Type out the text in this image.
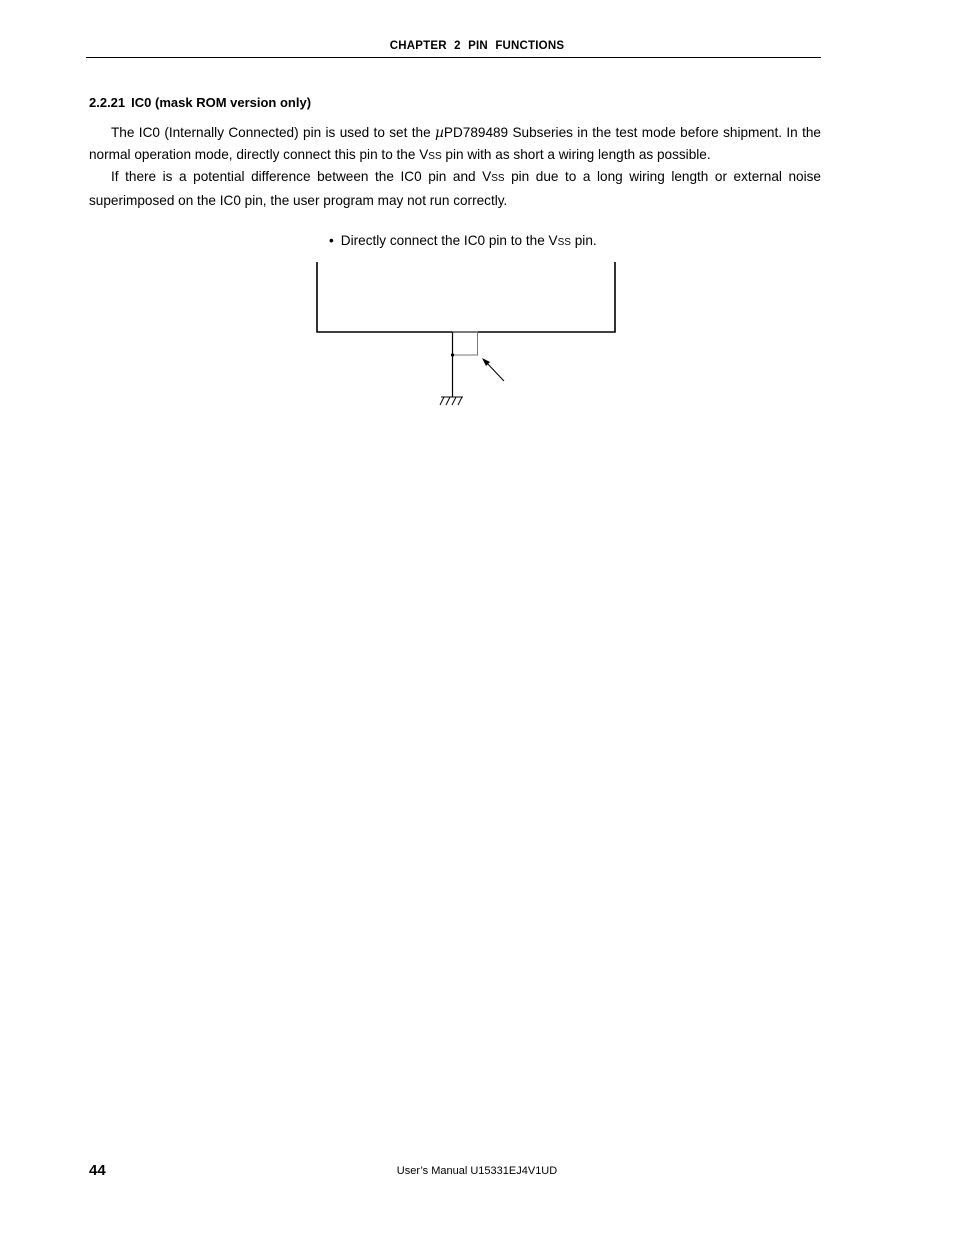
CHAPTER 2 PIN FUNCTIONS
2.2.21 IC0 (mask ROM version only)

The IC0 (Internally Connected) pin is used to set the µPD789489 Subseries in the test mode before shipment. In the normal operation mode, directly connect this pin to the VSS pin with as short a wiring length as possible.

If there is a potential difference between the IC0 pin and VSS pin due to a long wiring length or external noise superimposed on the IC0 pin, the user program may not run correctly.

• Directly connect the IC0 pin to the VSS pin.
44	User’s Manual U15331EJ4V1UD
